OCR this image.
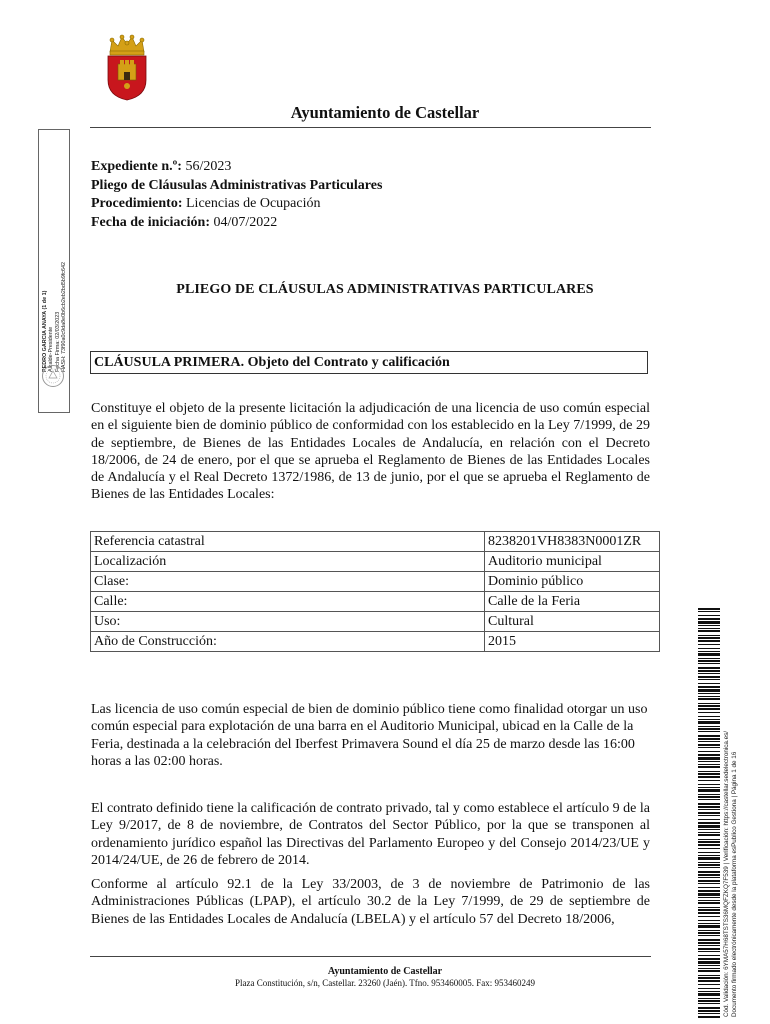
Ayuntamiento de Castellar
Expediente n.º: 56/2023
Pliego de Cláusulas Administrativas Particulares
Procedimiento: Licencias de Ocupación
Fecha de iniciación: 04/07/2022
PLIEGO DE CLÁUSULAS ADMINISTRATIVAS PARTICULARES
CLÁUSULA PRIMERA. Objeto del Contrato y calificación
Constituye el objeto de la presente licitación la adjudicación de una licencia de uso común especial en el siguiente bien de dominio público de conformidad con los establecido en la Ley 7/1999, de 29 de septiembre, de Bienes de las Entidades Locales de Andalucía, en relación con el Decreto 18/2006, de 24 de enero, por el que se aprueba el Reglamento de Bienes de las Entidades Locales de Andalucía y el Real Decreto 1372/1986, de 13 de junio, por el que se aprueba el Reglamento de Bienes de las Entidades Locales:
Referencia catastral	8238201VH8383N0001ZR
Localización	Auditorio municipal
Clase:	Dominio público
Calle:	Calle de la Feria
Uso:	Cultural
Año de Construcción:	2015
Las licencia de uso común especial de bien de dominio público tiene como finalidad otorgar un uso común especial para explotación de una barra en el Auditorio Municipal, ubicad en la Calle de la Feria, destinada a la celebración del Iberfest Primavera Sound el día 25 de marzo desde las 16:00 horas a las 02:00 horas.
El contrato definido tiene la calificación de contrato privado, tal y como establece el artículo 9 de la Ley 9/2017, de 8 de noviembre, de Contratos del Sector Público, por la que se transponen al ordenamiento jurídico español las Directivas del Parlamento Europeo y del Consejo 2014/23/UE y 2014/24/UE, de 26 de febrero de 2014.
Conforme al artículo 92.1 de la Ley 33/2003, de 3 de noviembre de Patrimonio de las Administraciones Públicas (LPAP), el artículo 30.2 de la Ley 7/1999, de 29 de septiembre de Bienes de las Entidades Locales de Andalucía (LBELA) y el artículo 57 del Decreto 18/2006,
Ayuntamiento de Castellar
Plaza Constitución, s/n, Castellar. 23260 (Jaén). Tfno. 953460005. Fax: 953460249
PEDRO GARCIA ANAYA (1 de 1) Alcalde-Presidente Fecha Firma: 02/03/2023 HASH: 73f90a0c9da8e0b6cb2eb2bd5b9fc642
Cód. Validación: 6YMA57H68TSTS36MQFZKQ7F539 | Verificación: https://castellar.sedelectronica.es/ Documento firmado electrónicamente desde la plataforma esPublico Gestiona | Página 1 de 16
